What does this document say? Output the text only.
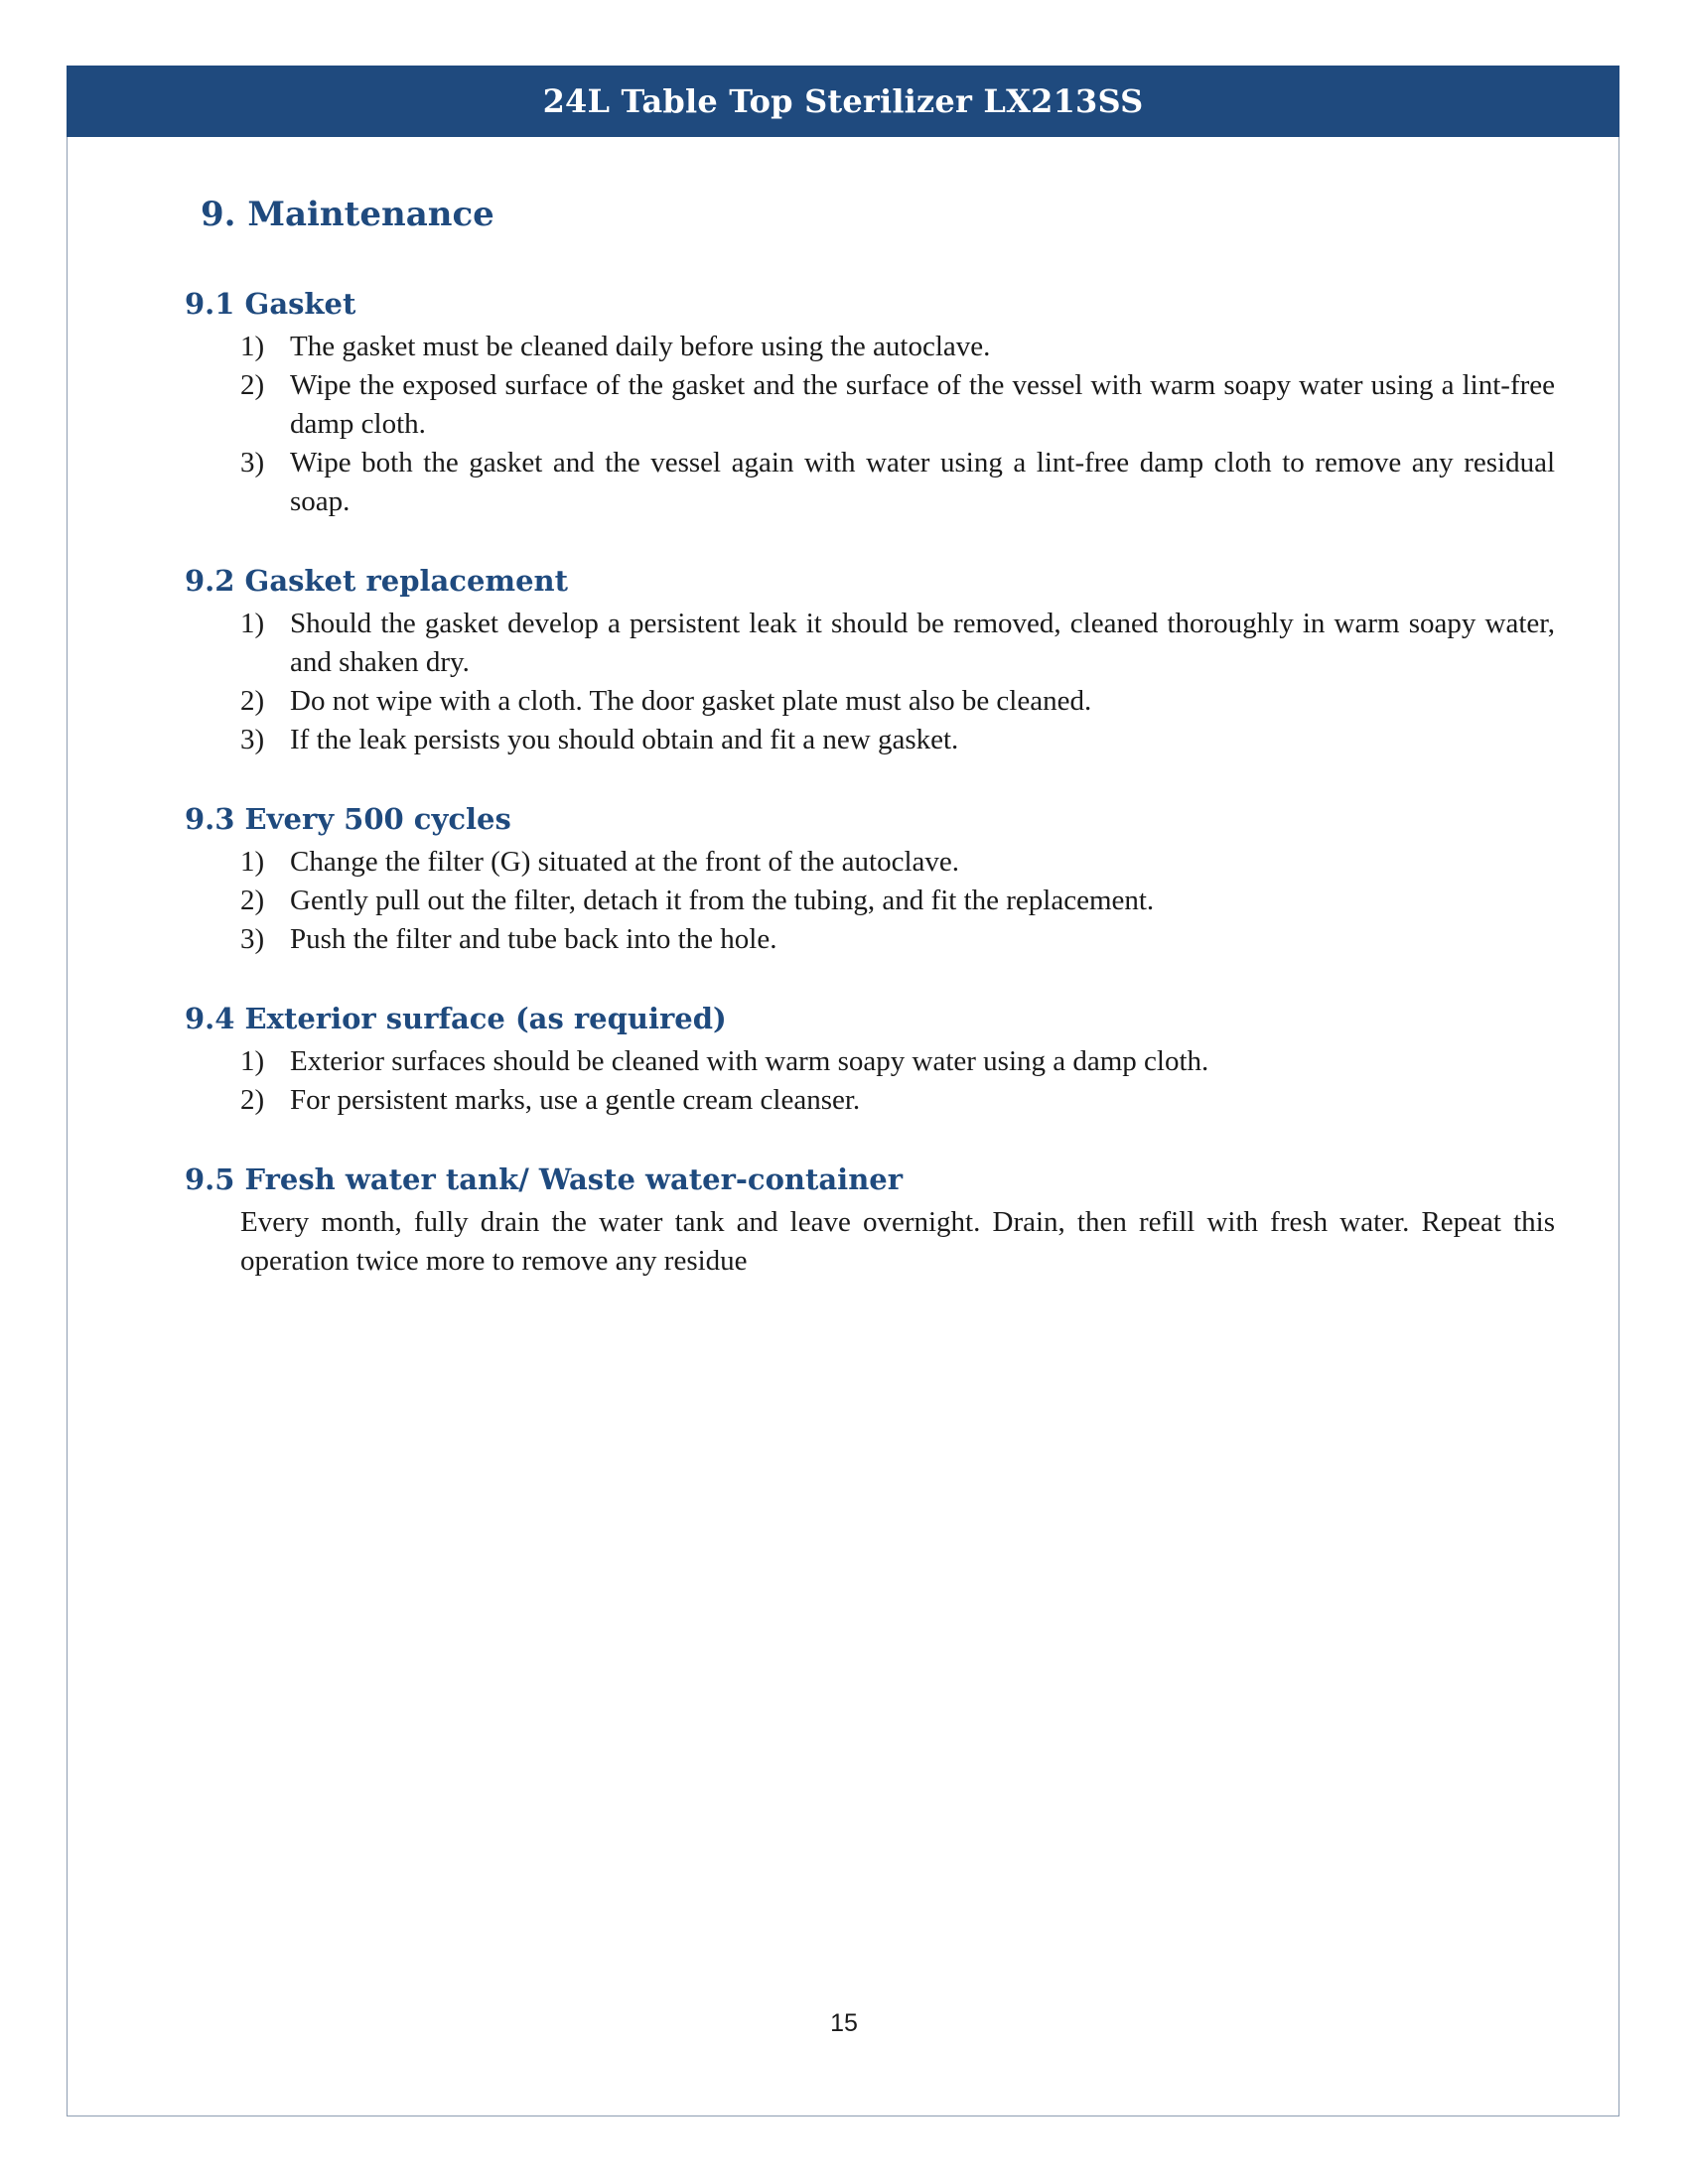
24L Table Top Sterilizer LX213SS
9. Maintenance
9.1 Gasket
1) The gasket must be cleaned daily before using the autoclave.
2) Wipe the exposed surface of the gasket and the surface of the vessel with warm soapy water using a lint-free damp cloth.
3) Wipe both the gasket and the vessel again with water using a lint-free damp cloth to remove any residual soap.
9.2 Gasket replacement
1) Should the gasket develop a persistent leak it should be removed, cleaned thoroughly in warm soapy water, and shaken dry.
2) Do not wipe with a cloth. The door gasket plate must also be cleaned.
3) If the leak persists you should obtain and fit a new gasket.
9.3 Every 500 cycles
1) Change the filter (G) situated at the front of the autoclave.
2) Gently pull out the filter, detach it from the tubing, and fit the replacement.
3) Push the filter and tube back into the hole.
9.4 Exterior surface (as required)
1) Exterior surfaces should be cleaned with warm soapy water using a damp cloth.
2) For persistent marks, use a gentle cream cleanser.
9.5 Fresh water tank/ Waste water-container

Every month, fully drain the water tank and leave overnight. Drain, then refill with fresh water. Repeat this operation twice more to remove any residue

15
